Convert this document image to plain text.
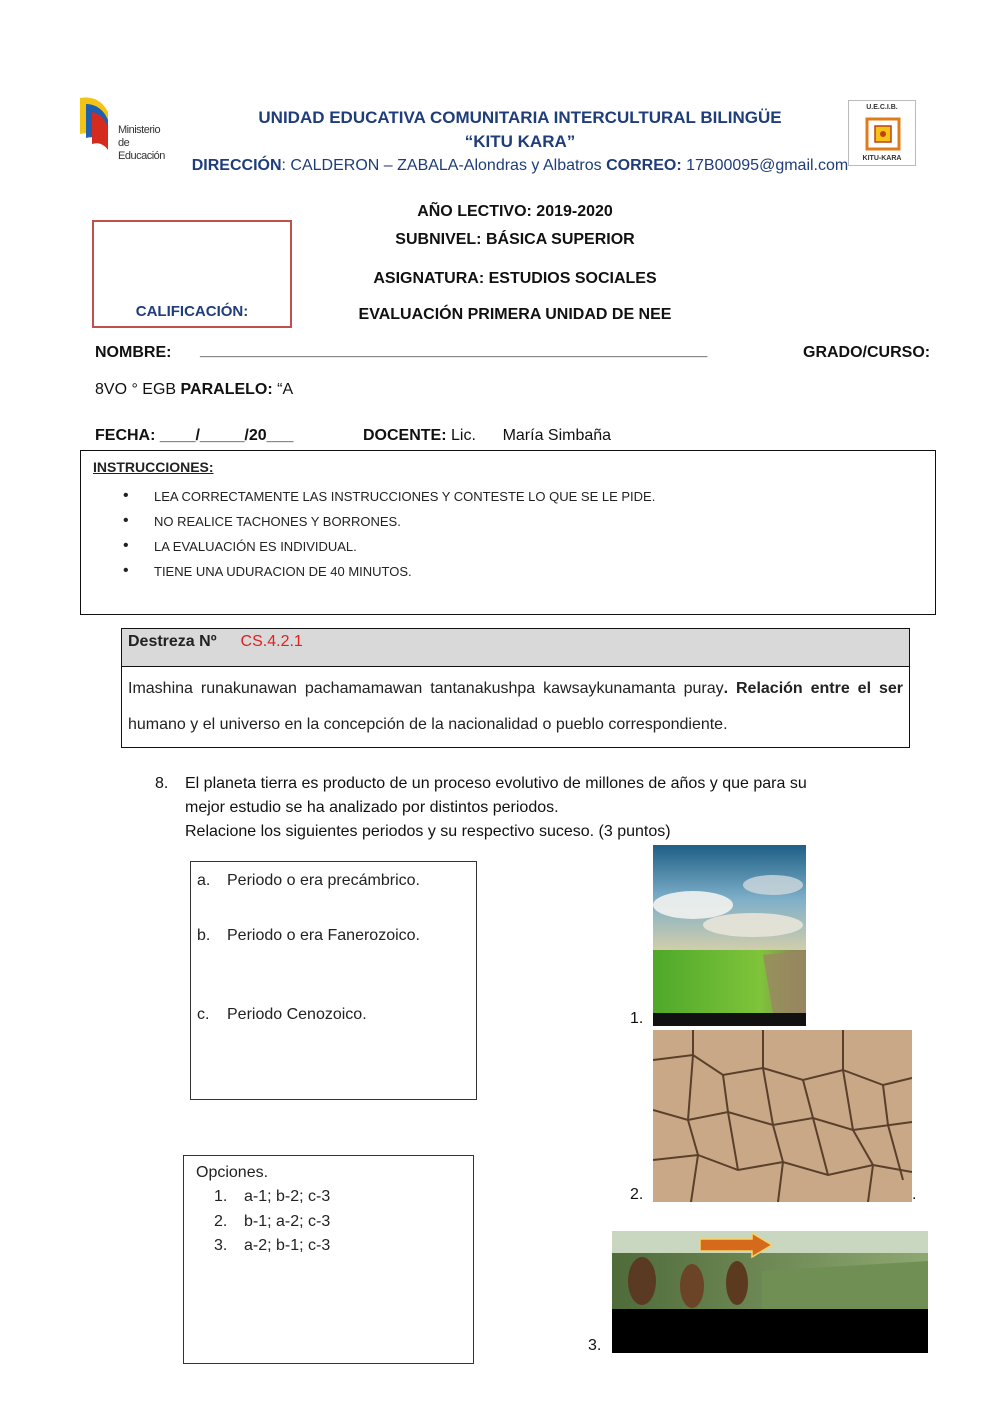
Ministerio
de Educación
U.E.C.I.B.
KITU-KARA
UNIDAD EDUCATIVA COMUNITARIA INTERCULTURAL BILINGÜE
“KITU KARA”
DIRECCIÓN: CALDERON – ZABALA-Alondras y Albatros CORREO: 17B00095@gmail.com
AÑO LECTIVO: 2019-2020
SUBNIVEL: BÁSICA SUPERIOR
ASIGNATURA: ESTUDIOS SOCIALES
EVALUACIÓN PRIMERA UNIDAD DE NEE
CALIFICACIÓN:
NOMBRE: _________________________________________________________	GRADO/CURSO:
8VO ° EGB PARALELO: “A
FECHA: ____/_____/20___	DOCENTE: Lic.      María Simbaña
INSTRUCCIONES:
• LEA CORRECTAMENTE LAS INSTRUCCIONES Y CONTESTE LO QUE SE LE PIDE.
• NO REALICE TACHONES Y BORRONES.
• LA EVALUACIÓN ES INDIVIDUAL.
• TIENE UNA UDURACION DE 40 MINUTOS.
Destreza Nº CS.4.2.1
Imashina runakunawan pachamamawan tantanakushpa kawsaykunamanta puray. Relación entre el ser humano y el universo en la concepción de la nacionalidad o pueblo correspondiente.
8. El planeta tierra es producto de un proceso evolutivo de millones de años y que para su
mejor estudio se ha analizado por distintos periodos.
Relacione los siguientes periodos y su respectivo suceso. (3 puntos)
a. Periodo o era precámbrico.
b. Periodo o era Fanerozoico.
c. Periodo Cenozoico.
Opciones.
1. a-1; b-2; c-3
2. b-1; a-2; c-3
3. a-2; b-1; c-3
1.
2.	.
3.
